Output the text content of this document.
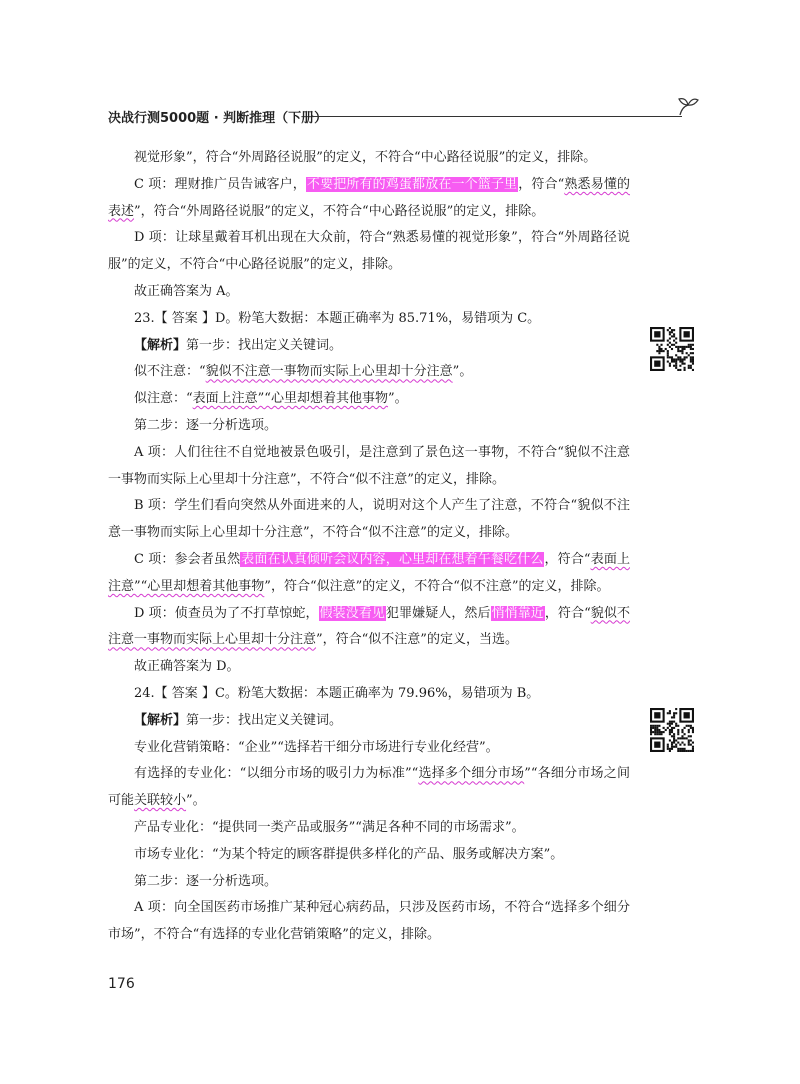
决战行测5000题 · 判断推理（下册）

视觉形象”，符合“外周路径说服”的定义，不符合“中心路径说服”的定义，排除。

C 项：理财推广员告诫客户，不要把所有的鸡蛋都放在一个篮子里，符合“熟悉易懂的表述”，符合“外周路径说服”的定义，不符合“中心路径说服”的定义，排除。

D 项：让球星戴着耳机出现在大众前，符合“熟悉易懂的视觉形象”，符合“外周路径说服”的定义，不符合“中心路径说服”的定义，排除。

故正确答案为 A。

23.【 答案 】D。粉笔大数据：本题正确率为 85.71%，易错项为 C。

【解析】第一步：找出定义关键词。

似不注意：“貌似不注意一事物而实际上心里却十分注意”。

似注意：“表面上注意”“心里却想着其他事物”。

第二步：逐一分析选项。

A 项：人们往往不自觉地被景色吸引，是注意到了景色这一事物，不符合“貌似不注意一事物而实际上心里却十分注意”，不符合“似不注意”的定义，排除。

B 项：学生们看向突然从外面进来的人，说明对这个人产生了注意，不符合“貌似不注意一事物而实际上心里却十分注意”，不符合“似不注意”的定义，排除。

C 项：参会者虽然表面在认真倾听会议内容，心里却在想着午餐吃什么，符合“表面上注意”“心里却想着其他事物”，符合“似注意”的定义，不符合“似不注意”的定义，排除。

D 项：侦查员为了不打草惊蛇，假装没看见犯罪嫌疑人，然后悄悄靠近，符合“貌似不注意一事物而实际上心里却十分注意”，符合“似不注意”的定义，当选。

故正确答案为 D。

24.【 答案 】C。粉笔大数据：本题正确率为 79.96%，易错项为 B。

【解析】第一步：找出定义关键词。

专业化营销策略：“企业”“选择若干细分市场进行专业化经营”。

有选择的专业化：“以细分市场的吸引力为标准”“选择多个细分市场”“各细分市场之间可能关联较小”。

产品专业化：“提供同一类产品或服务”“满足各种不同的市场需求”。

市场专业化：“为某个特定的顾客群提供多样化的产品、服务或解决方案”。

第二步：逐一分析选项。

A 项：向全国医药市场推广某种冠心病药品，只涉及医药市场，不符合“选择多个细分市场”，不符合“有选择的专业化营销策略”的定义，排除。

176
